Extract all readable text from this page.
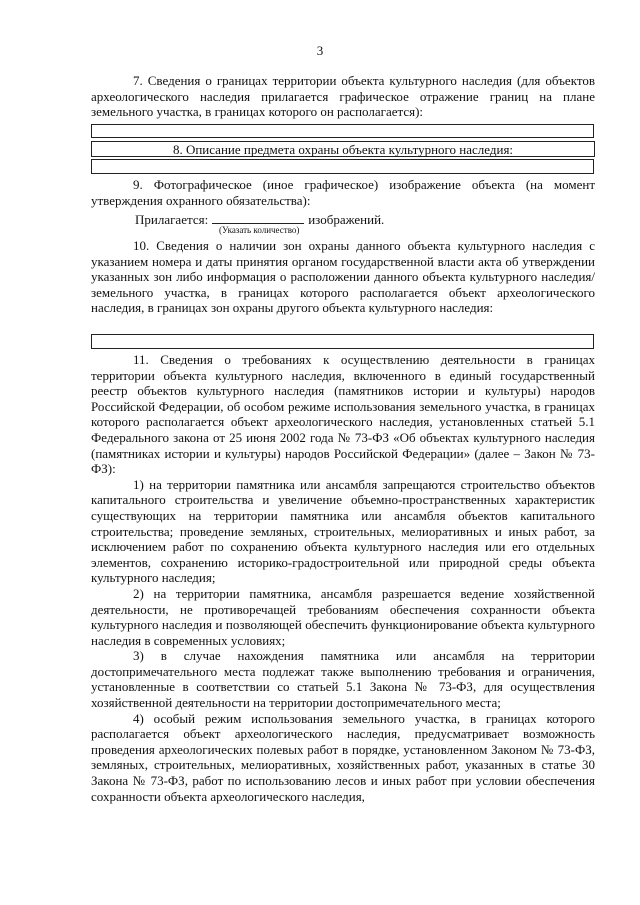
3

7. Сведения о границах территории объекта культурного наследия (для объектов археологического наследия прилагается графическое отражение границ на плане земельного участка, в границах которого он располагается):

8. Описание предмета охраны объекта культурного наследия:

9. Фотографическое (иное графическое) изображение объекта (на момент утверждения охранного обязательства):

Прилагается:	изображений.
(Указать количество)

10. Сведения о наличии зон охраны данного объекта культурного наследия с указанием номера и даты принятия органом государственной власти акта об утверждении указанных зон либо информация о расположении данного объекта культурного наследия/земельного участка, в границах которого располагается объект археологического наследия, в границах зон охраны другого объекта культурного наследия:

11. Сведения о требованиях к осуществлению деятельности в границах территории объекта культурного наследия, включенного в единый государственный реестр объектов культурного наследия (памятников истории и культуры) народов Российской Федерации, об особом режиме использования земельного участка, в границах которого располагается объект археологического наследия, установленных статьей 5.1 Федерального закона от 25 июня 2002 года № 73-ФЗ «Об объектах культурного наследия (памятниках истории и культуры) народов Российской Федерации» (далее – Закон № 73-ФЗ):

1) на территории памятника или ансамбля запрещаются строительство объектов капитального строительства и увеличение объемно-пространственных характеристик существующих на территории памятника или ансамбля объектов капитального строительства; проведение земляных, строительных, мелиоративных и иных работ, за исключением работ по сохранению объекта культурного наследия или его отдельных элементов, сохранению историко-градостроительной или природной среды объекта культурного наследия;

2) на территории памятника, ансамбля разрешается ведение хозяйственной деятельности, не противоречащей требованиям обеспечения сохранности объекта культурного наследия и позволяющей обеспечить функционирование объекта культурного наследия в современных условиях;

3) в случае нахождения памятника или ансамбля на территории достопримечательного места подлежат также выполнению требования и ограничения, установленные в соответствии со статьей 5.1 Закона № 73-ФЗ, для осуществления хозяйственной деятельности на территории достопримечательного места;

4) особый режим использования земельного участка, в границах которого располагается объект археологического наследия, предусматривает возможность проведения археологических полевых работ в порядке, установленном Законом № 73-ФЗ, земляных, строительных, мелиоративных, хозяйственных работ, указанных в статье 30 Закона № 73-ФЗ, работ по использованию лесов и иных работ при условии обеспечения сохранности объекта археологического наследия,
